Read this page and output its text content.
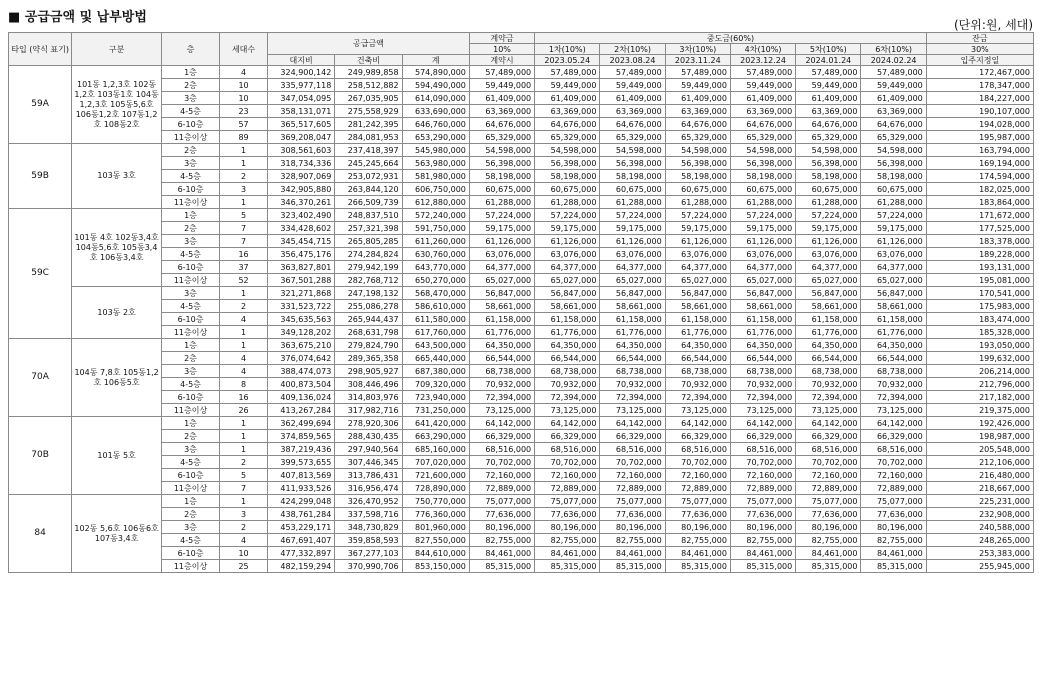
■ 공급금액 및 납부방법	(단위:원, 세대)
타입 (약식 표기)	구분	층	세대수	공급금액			계약금	중도금(60%)						잔금
							10%	1차(10%)	2차(10%)	3차(10%)	4차(10%)	5차(10%)	6차(10%)	30%
				대지비	건축비	계	계약시	2023.05.24	2023.08.24	2023.11.24	2023.12.24	2024.01.24	2024.02.24	입주지정일
59A	101동 1,2,3호 102동1,2호 103동1호 104동1,2,3호 105동5,6호 106동1,2호 107동1,2호 108동2호	1층	4	324,900,142	249,989,858	574,890,000	57,489,000	57,489,000	57,489,000	57,489,000	57,489,000	57,489,000	57,489,000	172,467,000
		2층	10	335,977,118	258,512,882	594,490,000	59,449,000	59,449,000	59,449,000	59,449,000	59,449,000	59,449,000	59,449,000	178,347,000
		3층	10	347,054,095	267,035,905	614,090,000	61,409,000	61,409,000	61,409,000	61,409,000	61,409,000	61,409,000	61,409,000	184,227,000
		4-5층	23	358,131,071	275,558,929	633,690,000	63,369,000	63,369,000	63,369,000	63,369,000	63,369,000	63,369,000	63,369,000	190,107,000
		6-10층	57	365,517,605	281,242,395	646,760,000	64,676,000	64,676,000	64,676,000	64,676,000	64,676,000	64,676,000	64,676,000	194,028,000
		11층이상	89	369,208,047	284,081,953	653,290,000	65,329,000	65,329,000	65,329,000	65,329,000	65,329,000	65,329,000	65,329,000	195,987,000
59B	103동 3호	2층	1	308,561,603	237,418,397	545,980,000	54,598,000	54,598,000	54,598,000	54,598,000	54,598,000	54,598,000	54,598,000	163,794,000
		3층	1	318,734,336	245,245,664	563,980,000	56,398,000	56,398,000	56,398,000	56,398,000	56,398,000	56,398,000	56,398,000	169,194,000
		4-5층	2	328,907,069	253,072,931	581,980,000	58,198,000	58,198,000	58,198,000	58,198,000	58,198,000	58,198,000	58,198,000	174,594,000
		6-10층	3	342,905,880	263,844,120	606,750,000	60,675,000	60,675,000	60,675,000	60,675,000	60,675,000	60,675,000	60,675,000	182,025,000
		11층이상	1	346,370,261	266,509,739	612,880,000	61,288,000	61,288,000	61,288,000	61,288,000	61,288,000	61,288,000	61,288,000	183,864,000
59C	101동 4호 102동3,4호 104동5,6호 105동3,4호 106동3,4호	1층	5	323,402,490	248,837,510	572,240,000	57,224,000	57,224,000	57,224,000	57,224,000	57,224,000	57,224,000	57,224,000	171,672,000
		2층	7	334,428,602	257,321,398	591,750,000	59,175,000	59,175,000	59,175,000	59,175,000	59,175,000	59,175,000	59,175,000	177,525,000
		3층	7	345,454,715	265,805,285	611,260,000	61,126,000	61,126,000	61,126,000	61,126,000	61,126,000	61,126,000	61,126,000	183,378,000
		4-5층	16	356,475,176	274,284,824	630,760,000	63,076,000	63,076,000	63,076,000	63,076,000	63,076,000	63,076,000	63,076,000	189,228,000
		6-10층	37	363,827,801	279,942,199	643,770,000	64,377,000	64,377,000	64,377,000	64,377,000	64,377,000	64,377,000	64,377,000	193,131,000
		11층이상	52	367,501,288	282,768,712	650,270,000	65,027,000	65,027,000	65,027,000	65,027,000	65,027,000	65,027,000	65,027,000	195,081,000
	103동 2호	3층	1	321,271,868	247,198,132	568,470,000	56,847,000	56,847,000	56,847,000	56,847,000	56,847,000	56,847,000	56,847,000	170,541,000
		4-5층	2	331,523,722	255,086,278	586,610,000	58,661,000	58,661,000	58,661,000	58,661,000	58,661,000	58,661,000	58,661,000	175,983,000
		6-10층	4	345,635,563	265,944,437	611,580,000	61,158,000	61,158,000	61,158,000	61,158,000	61,158,000	61,158,000	61,158,000	183,474,000
		11층이상	1	349,128,202	268,631,798	617,760,000	61,776,000	61,776,000	61,776,000	61,776,000	61,776,000	61,776,000	61,776,000	185,328,000
70A	104동 7,8호 105동1,2호 106동5호	1층	1	363,675,210	279,824,790	643,500,000	64,350,000	64,350,000	64,350,000	64,350,000	64,350,000	64,350,000	64,350,000	193,050,000
		2층	4	376,074,642	289,365,358	665,440,000	66,544,000	66,544,000	66,544,000	66,544,000	66,544,000	66,544,000	66,544,000	199,632,000
		3층	4	388,474,073	298,905,927	687,380,000	68,738,000	68,738,000	68,738,000	68,738,000	68,738,000	68,738,000	68,738,000	206,214,000
		4-5층	8	400,873,504	308,446,496	709,320,000	70,932,000	70,932,000	70,932,000	70,932,000	70,932,000	70,932,000	70,932,000	212,796,000
		6-10층	16	409,136,024	314,803,976	723,940,000	72,394,000	72,394,000	72,394,000	72,394,000	72,394,000	72,394,000	72,394,000	217,182,000
		11층이상	26	413,267,284	317,982,716	731,250,000	73,125,000	73,125,000	73,125,000	73,125,000	73,125,000	73,125,000	73,125,000	219,375,000
70B	101동 5호	1층	1	362,499,694	278,920,306	641,420,000	64,142,000	64,142,000	64,142,000	64,142,000	64,142,000	64,142,000	64,142,000	192,426,000
		2층	1	374,859,565	288,430,435	663,290,000	66,329,000	66,329,000	66,329,000	66,329,000	66,329,000	66,329,000	66,329,000	198,987,000
		3층	1	387,219,436	297,940,564	685,160,000	68,516,000	68,516,000	68,516,000	68,516,000	68,516,000	68,516,000	68,516,000	205,548,000
		4-5층	2	399,573,655	307,446,345	707,020,000	70,702,000	70,702,000	70,702,000	70,702,000	70,702,000	70,702,000	70,702,000	212,106,000
		6-10층	5	407,813,569	313,786,431	721,600,000	72,160,000	72,160,000	72,160,000	72,160,000	72,160,000	72,160,000	72,160,000	216,480,000
		11층이상	7	411,933,526	316,956,474	728,890,000	72,889,000	72,889,000	72,889,000	72,889,000	72,889,000	72,889,000	72,889,000	218,667,000
84	102동 5,6호 106동6호 107동3,4호	1층	1	424,299,048	326,470,952	750,770,000	75,077,000	75,077,000	75,077,000	75,077,000	75,077,000	75,077,000	75,077,000	225,231,000
		2층	3	438,761,284	337,598,716	776,360,000	77,636,000	77,636,000	77,636,000	77,636,000	77,636,000	77,636,000	77,636,000	232,908,000
		3층	2	453,229,171	348,730,829	801,960,000	80,196,000	80,196,000	80,196,000	80,196,000	80,196,000	80,196,000	80,196,000	240,588,000
		4-5층	4	467,691,407	359,858,593	827,550,000	82,755,000	82,755,000	82,755,000	82,755,000	82,755,000	82,755,000	82,755,000	248,265,000
		6-10층	10	477,332,897	367,277,103	844,610,000	84,461,000	84,461,000	84,461,000	84,461,000	84,461,000	84,461,000	84,461,000	253,383,000
		11층이상	25	482,159,294	370,990,706	853,150,000	85,315,000	85,315,000	85,315,000	85,315,000	85,315,000	85,315,000	85,315,000	255,945,000
